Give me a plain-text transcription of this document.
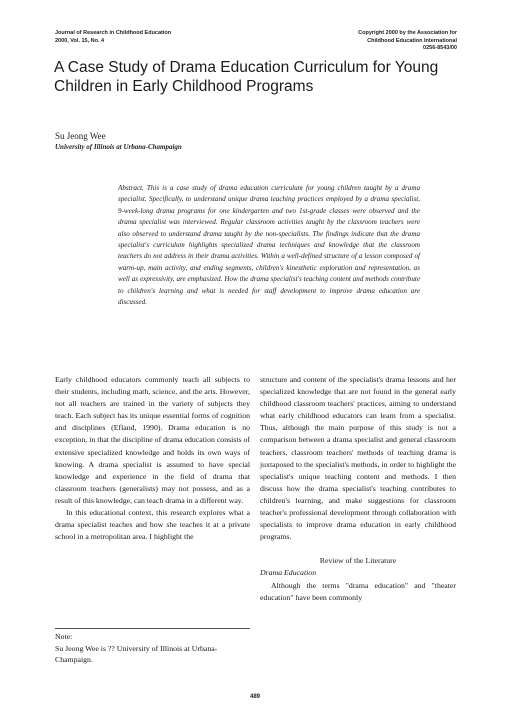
Journal of Research in Childhood Education
2000, Vol. 15, No. 4
Copyright 2000 by the Association for
Childhood Education International
0256-8543/00
A Case Study of Drama Education Curriculum for Young Children in Early Childhood Programs
Su Jeong Wee
University of Illinois at Urbana-Champaign
Abstract. This is a case study of drama education curriculum for young children taught by a drama specialist. Specifically, to understand unique drama teaching practices employed by a drama specialist, 9-week-long drama programs for one kindergarten and two 1st-grade classes were observed and the drama specialist was interviewed. Regular classroom activities taught by the classroom teachers were also observed to understand drama taught by the non-specialists. The findings indicate that the drama specialist's curriculum highlights specialized drama techniques and knowledge that the classroom teachers do not address in their drama activities. Within a well-defined structure of a lesson composed of warm-up, main activity, and ending segments, children's kinesthetic exploration and representation, as well as expressivity, are emphasized. How the drama specialist's teaching content and methods contribute to children's learning and what is needed for staff development to improve drama education are discussed.

Early childhood educators commonly teach all subjects to their students, including math, science, and the arts. However, not all teachers are trained in the variety of subjects they teach. Each subject has its unique essential forms of cognition and disciplines (Efland, 1990). Drama education is no exception, in that the discipline of drama education consists of extensive specialized knowledge and holds its own ways of knowing. A drama specialist is assumed to have special knowledge and experience in the field of drama that classroom teachers (generalists) may not possess, and as a result of this knowledge, can teach drama in a different way.

In this educational context, this research explores what a drama specialist teaches and how she teaches it at a private school in a metropolitan area. I highlight the

structure and content of the specialist's drama lessons and her specialized knowledge that are not found in the general early childhood classroom teachers' practices, aiming to understand what early childhood educators can learn from a specialist. Thus, although the main purpose of this study is not a comparison between a drama specialist and general classroom teachers, classroom teachers' methods of teaching drama is juxtaposed to the specialist's methods, in order to highlight the specialist's unique teaching content and methods. I then discuss how the drama specialist's teaching contributes to children's learning, and make suggestions for classroom teacher's professional development through collaboration with specialists to improve drama education in early childhood programs.

Review of the Literature

Drama Education

Although the terms "drama education" and "theater education" have been commonly

Note:

Su Jeong Wee is ?? University of Illinois at Urbana-Champaign.

489
